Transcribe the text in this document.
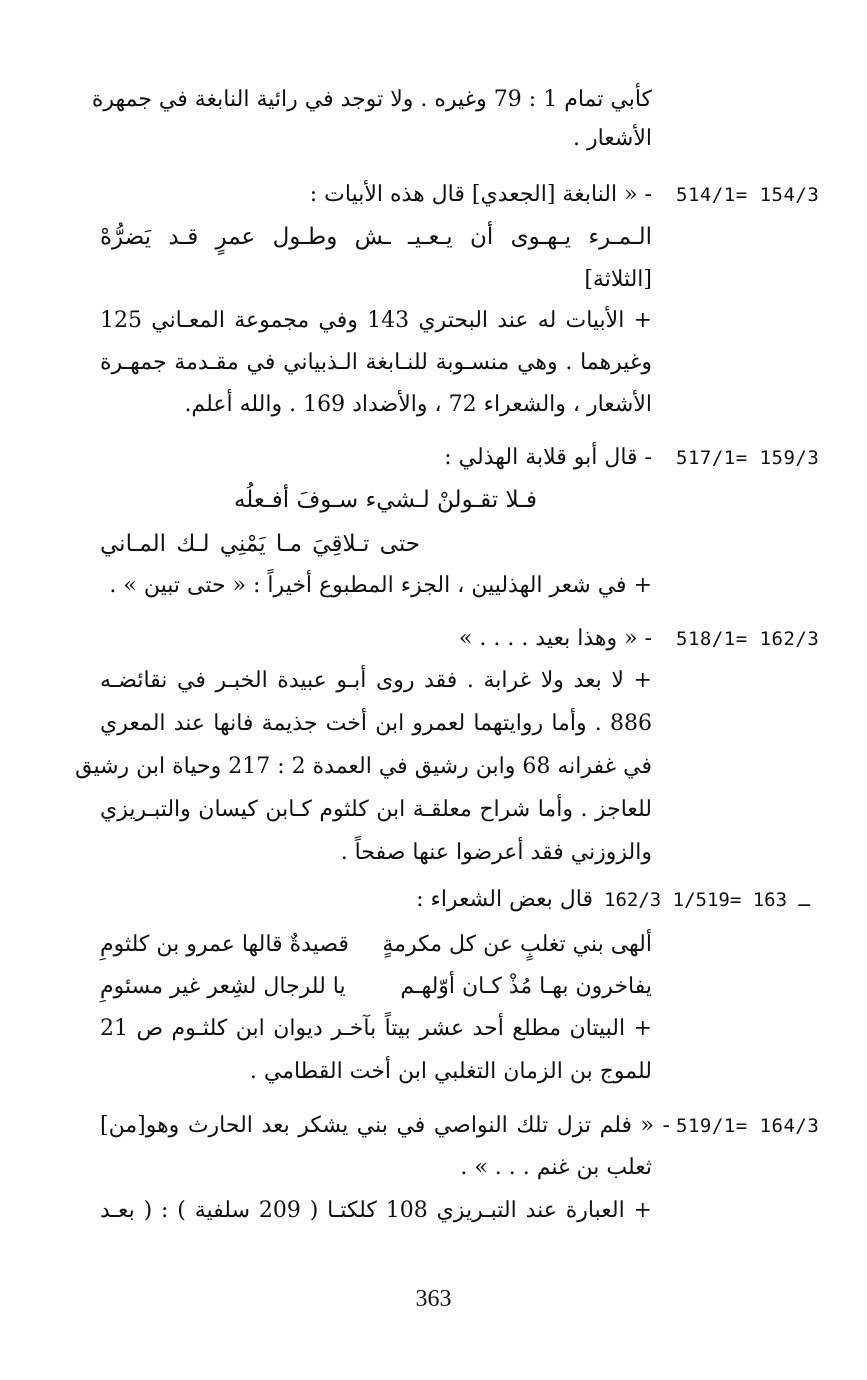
كأبي تمام 1 : 79 وغيره . ولا توجد في رائية النابغة في جمهرة
الأشعار .
514/1= 154/3
- « النابغة [الجعدي] قال هذه الأبيات :
الـمـرء يـهـوى أن يـعـيـ ـش وطـول عمرٍ قـد يَضرُّهْ
[الثلاثة]
+ الأبيات له عند البحتري 143 وفي مجموعة المعـاني 125
وغيرهما . وهي منسـوبة للنـابغة الـذبياني في مقـدمة جمهـرة
الأشعار ، والشعراء 72 ، والأضداد 169 . والله أعلم.
517/1= 159/3
- قال أبو قلابة الهذلي :
فـلا تقـولنْ لـشيء سـوفَ أفـعلُه
حتى تـلاقِيَ مـا يَمْنِي لـك المـاني
+ في شعر الهذليين ، الجزء المطبوع أخيراً : « حتى تبين » .
518/1= 162/3
- « وهذا بعيد . . . . »
+ لا بعد ولا غرابة . فقد روى أبـو عبيدة الخبـر في نقائضـه
886 . وأما روايتهما لعمرو ابن أخت جذيمة فانها عند المعري
في غفرانه 68 وابن رشيق في العمدة 2 : 217 وحياة ابن رشيق
للعاجز . وأما شراح معلقـة ابن كلثوم كـابن كيسان والتبـريزي
والزوزني فقد أعرضوا عنها صفحاً .
162/3 ـ 163 =1/519
قال بعض الشعراء :
ألهى بني تغلبٍ عن كل مكرمةٍ
قصيدةٌ قالها عمرو بن كلثومِ
يفاخرون بهـا مُذْ كـان أوّلهـم
يا للرجال لشِعر غير مسئومِ
+ البيتان مطلع أحد عشر بيتاً بآخـر ديوان ابن كلثـوم ص 21
للموج بن الزمان التغلبي ابن أخت القطامي .
519/1= 164/3
- « فلم تزل تلك النواصي في بني يشكر بعد الحارث وهو[من]
ثعلب بن غنم . . . » .
+ العبارة عند التبـريزي 108 كلكتـا ( 209 سلفية ) : ( بعـد
363
